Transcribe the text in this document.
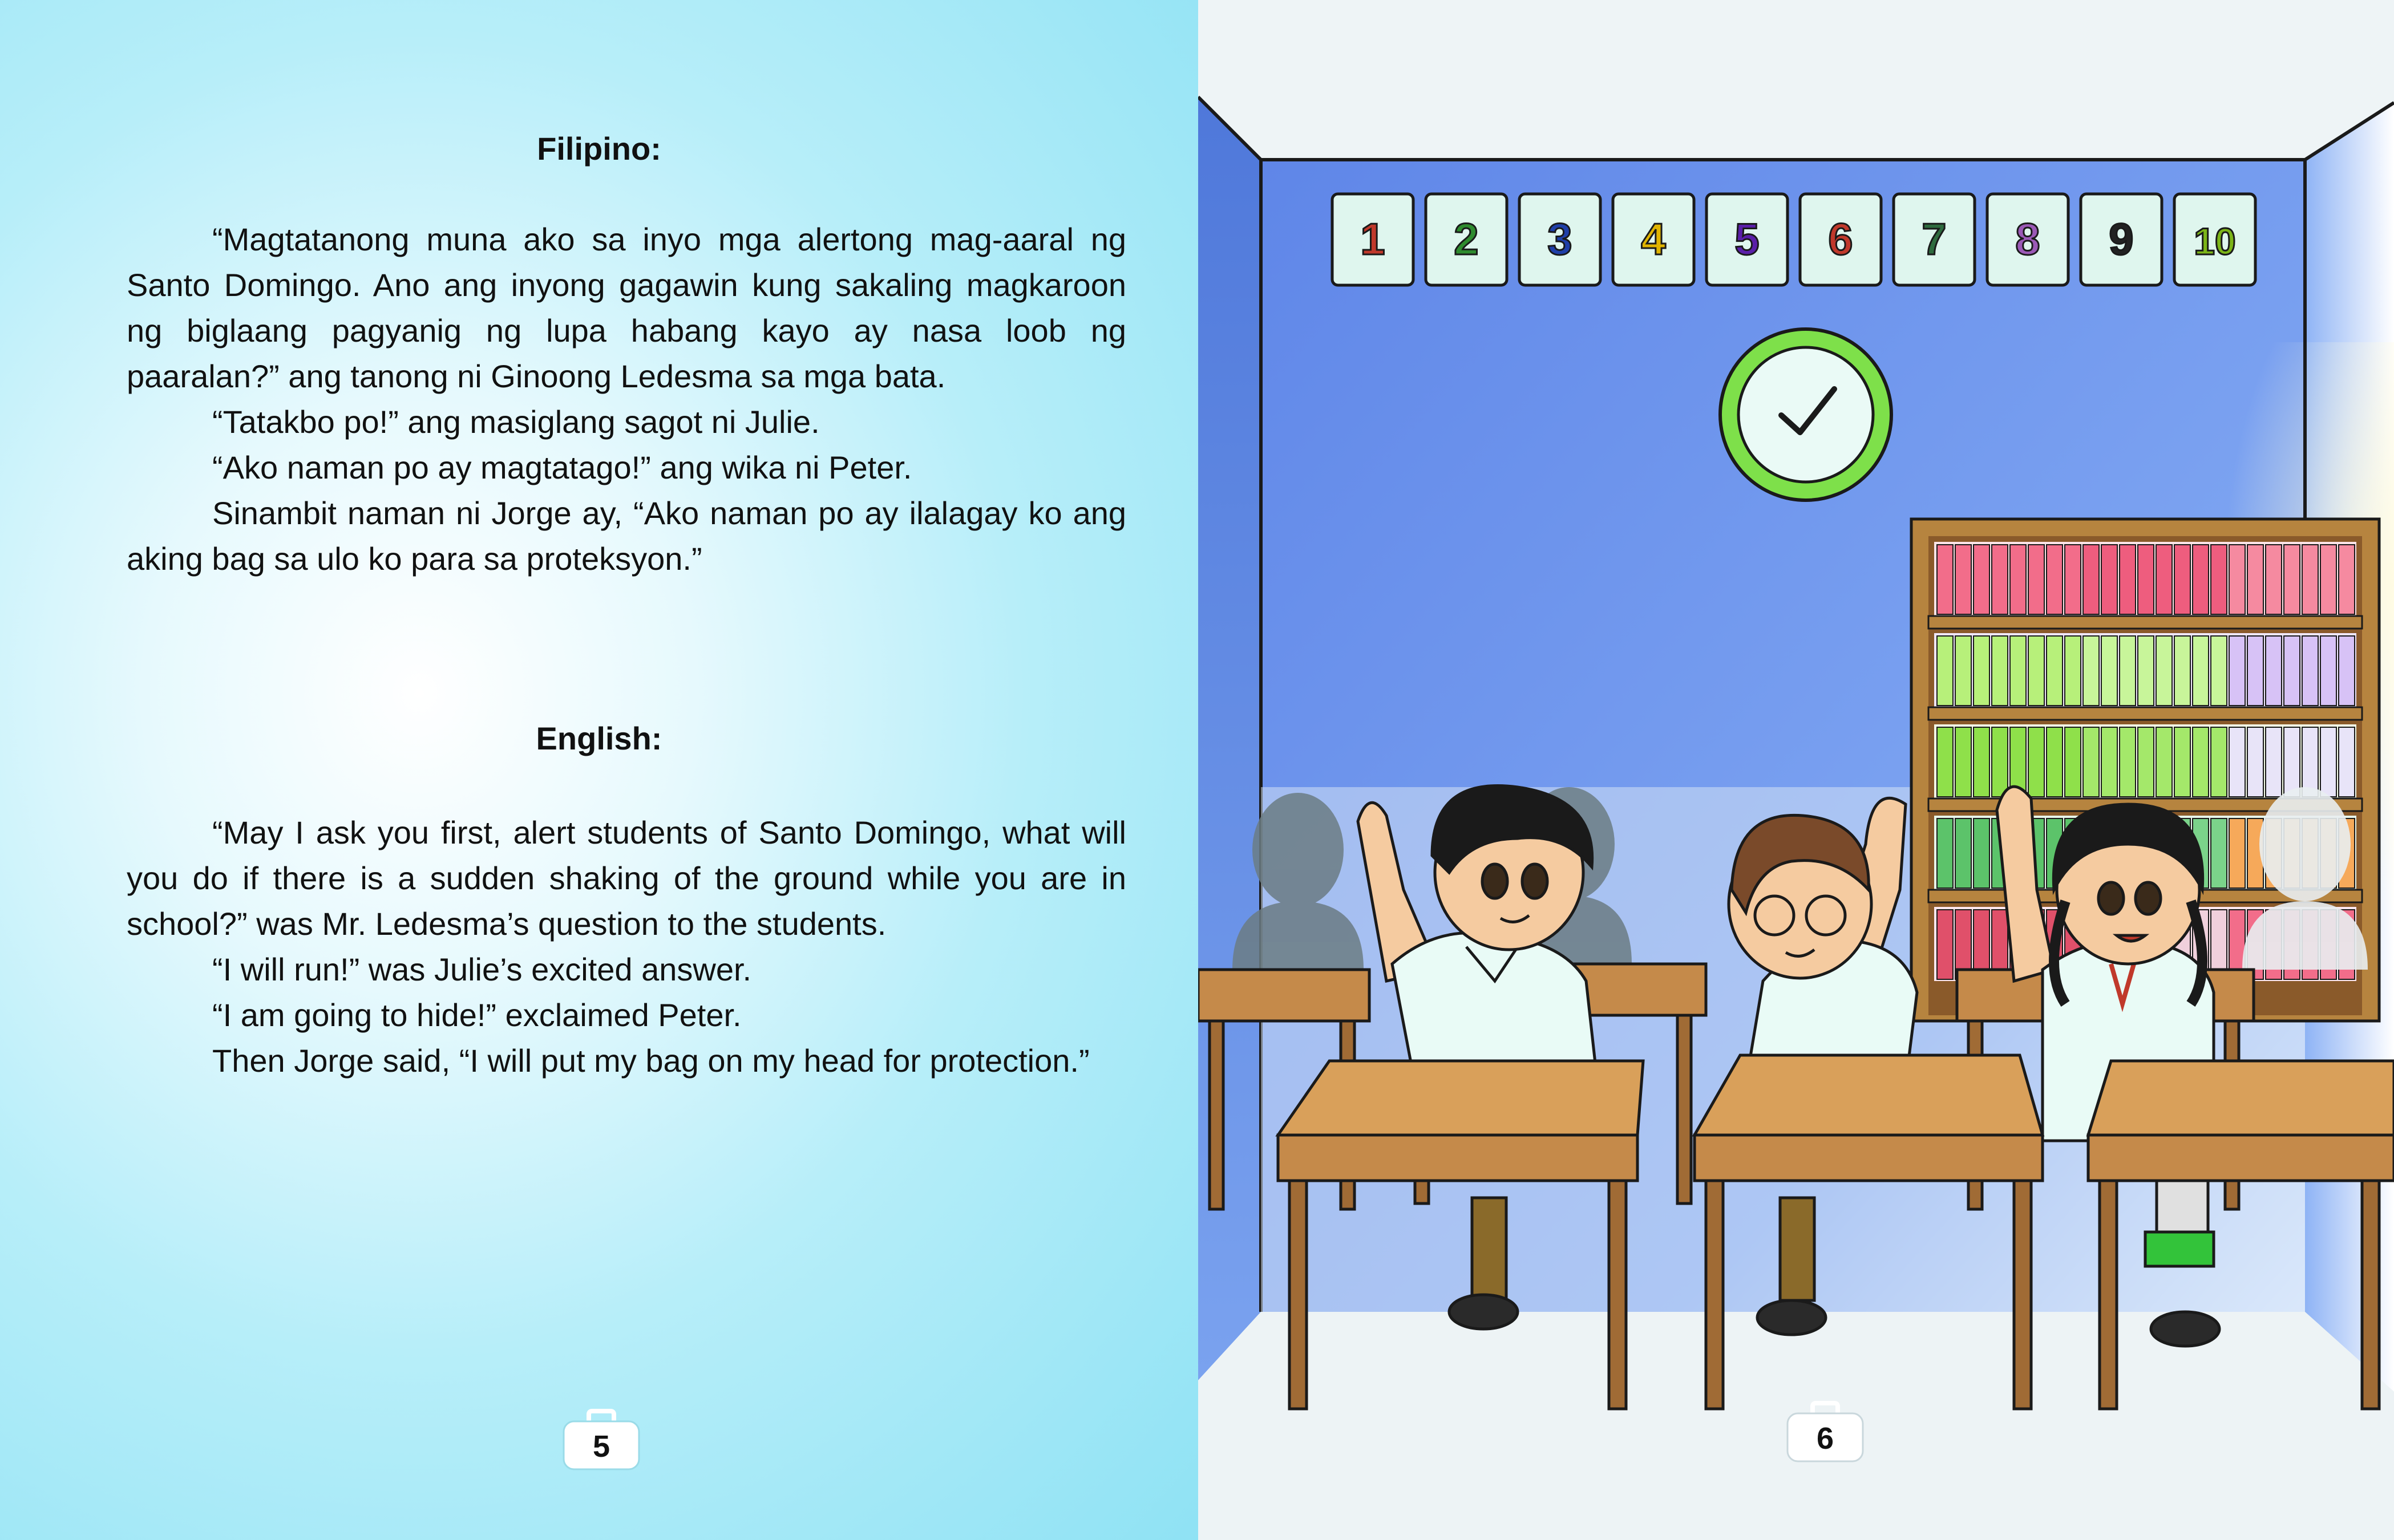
Filipino:

“Magtatanong muna ako sa inyo mga alertong mag-aaral ng Santo Domingo. Ano ang inyong gagawin kung sakaling magkaroon ng biglaang pagyanig ng lupa habang kayo ay nasa loob ng paaralan?” ang tanong ni Ginoong Ledesma sa mga bata.

“Tatakbo po!” ang masiglang sagot ni Julie.

“Ako naman po ay magtatago!” ang wika ni Peter.

Sinambit naman ni Jorge ay, “Ako naman po ay ilalagay ko ang aking bag sa ulo ko para sa proteksyon.”

English:

“May I ask you first, alert students of Santo Domingo, what will you do if there is a sudden shaking of the ground while you are in school?” was Mr. Ledesma’s question to the students.

“I will run!” was Julie’s excited answer.

“I am going to hide!” exclaimed Peter.

Then Jorge said, “I will put my bag on my head for protection.”

5
1 2 3 4 5 6 7 8 9 10
6
